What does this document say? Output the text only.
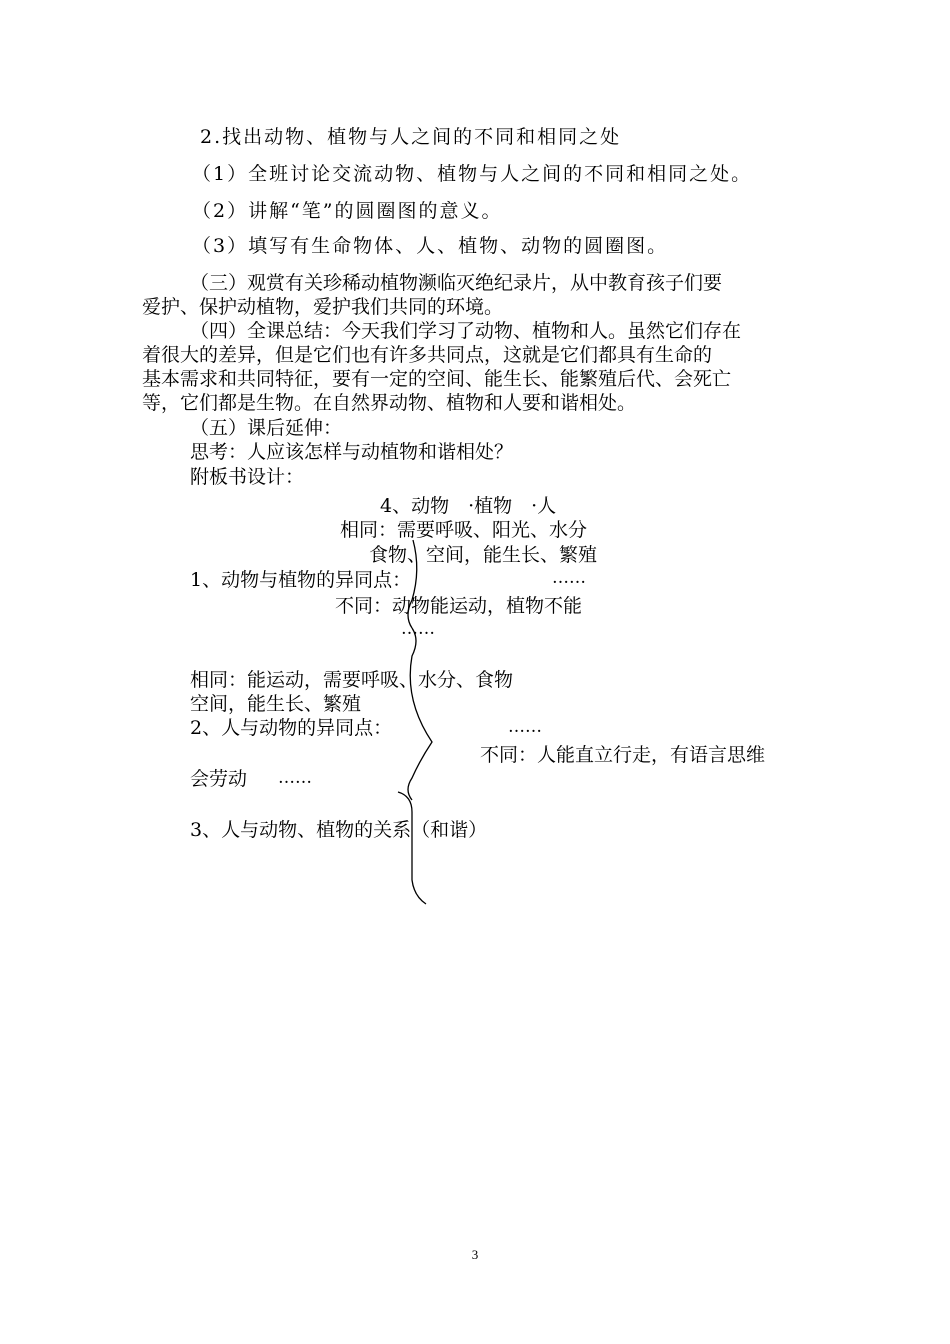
2.找出动物、植物与人之间的不同和相同之处
（1）全班讨论交流动物、植物与人之间的不同和相同之处。
（2）讲解“笔”的圆圈图的意义。
（3）填写有生命物体、人、植物、动物的圆圈图。
（三）观赏有关珍稀动植物濒临灭绝纪录片，从中教育孩子们要
爱护、保护动植物，爱护我们共同的环境。
（四）全课总结：今天我们学习了动物、植物和人。虽然它们存在
着很大的差异，但是它们也有许多共同点，这就是它们都具有生命的
基本需求和共同特征，要有一定的空间、能生长、能繁殖后代、会死亡
等，它们都是生物。在自然界动物、植物和人要和谐相处。
（五）课后延伸：
思考：人应该怎样与动植物和谐相处？
附板书设计：
4、动物　·植物　·人
相同：需要呼吸、阳光、水分
食物、空间，能生长、繁殖
1、动物与植物的异同点：	……
不同：动物能运动，植物不能
……
相同：能运动，需要呼吸、水分、食物
空间，能生长、繁殖
2、人与动物的异同点：	……
不同：人能直立行走，有语言思维
会劳动 ……
3、人与动物、植物的关系（和谐）
3
